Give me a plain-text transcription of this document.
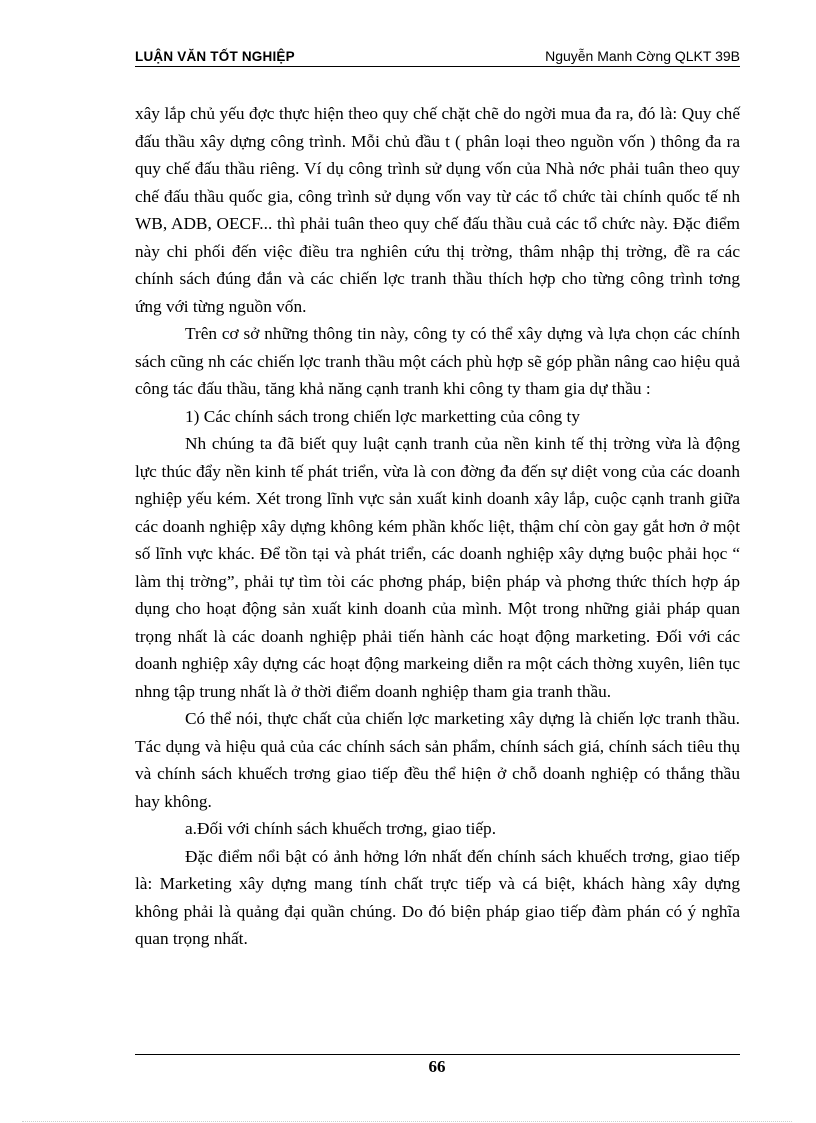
LUẬN VĂN TỐT NGHIỆP	Nguyễn Manh Cờng QLKT 39B

xây lắp chủ yếu đợc thực hiện theo quy chế chặt chẽ do ngời mua đa ra, đó là: Quy chế đấu thầu xây dựng công trình. Mỗi chủ đầu t ( phân loại theo nguồn vốn ) thông đa ra quy chế đấu thầu riêng. Ví dụ công trình sử dụng vốn của Nhà nớc phải tuân theo quy chế đấu thầu quốc gia, công trình sử dụng vốn vay từ các tổ chức tài chính quốc tế nh WB, ADB, OECF... thì phải tuân theo quy chế đấu thầu cuả các tổ chức này. Đặc điểm này chi phối đến việc điều tra nghiên cứu thị trờng, thâm nhập thị trờng, đề ra các chính sách đúng đắn và các chiến lợc tranh thầu thích hợp cho từng công trình tơng ứng với từng nguồn vốn.

Trên cơ sở những thông tin này, công ty có thể xây dựng và lựa chọn các chính sách cũng nh các chiến lợc tranh thầu một cách phù hợp sẽ góp phần nâng cao hiệu quả công tác đấu thầu, tăng khả năng cạnh tranh khi công ty tham gia dự thầu :

1) Các chính sách trong chiến lợc marketting của công ty

Nh chúng ta đã biết quy luật cạnh tranh của nền kinh tế thị trờng vừa là động lực thúc đẩy nền kinh tế phát triển, vừa là con đờng đa đến sự diệt vong của các doanh nghiệp yếu kém. Xét trong lĩnh vực sản xuất kinh doanh xây lắp, cuộc cạnh tranh giữa các doanh nghiệp xây dựng không kém phần khốc liệt, thậm chí còn gay gắt hơn ở một số lĩnh vực khác. Để tồn tại và phát triển, các doanh nghiệp xây dựng buộc phải học “ làm thị trờng”, phải tự tìm tòi các phơng pháp, biện pháp và phơng thức thích hợp áp dụng cho hoạt động sản xuất kinh doanh của mình. Một trong những giải pháp quan trọng nhất là các doanh nghiệp phải tiến hành các hoạt động marketing. Đối với các doanh nghiệp xây dựng các hoạt động markeing diễn ra một cách thờng xuyên, liên tục nhng tập trung nhất là ở thời điểm doanh nghiệp tham gia tranh thầu.

Có thể nói, thực chất của chiến lợc marketing xây dựng là chiến lợc tranh thầu. Tác dụng và hiệu quả của các chính sách sản phẩm, chính sách giá, chính sách tiêu thụ và chính sách khuếch trơng giao tiếp đều thể hiện ở chỗ doanh nghiệp có thắng thầu hay không.

a.Đối với chính sách khuếch trơng, giao tiếp.

Đặc điểm nổi bật có ảnh hởng lớn nhất đến chính sách khuếch trơng, giao tiếp là: Marketing xây dựng mang tính chất trực tiếp và cá biệt, khách hàng xây dựng không phải là quảng đại quần chúng. Do đó biện pháp giao tiếp đàm phán có ý nghĩa quan trọng nhất.

66
